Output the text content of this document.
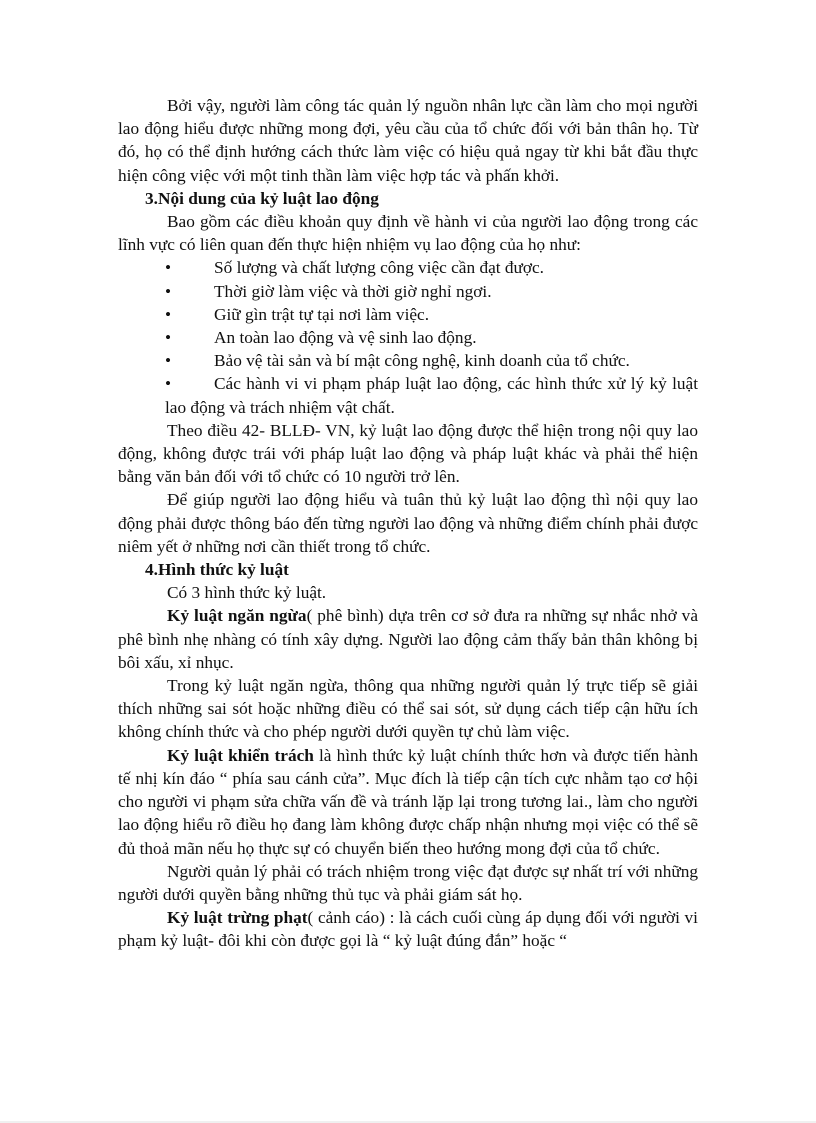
Bởi vậy, người làm công tác quản lý nguồn nhân lực cần làm cho mọi người lao động hiểu được những mong đợi, yêu cầu của tổ chức đối với bản thân họ. Từ đó, họ có thể định hướng cách thức làm việc có hiệu quả ngay từ khi bắt đầu thực hiện công việc với một tinh thần làm việc hợp tác và phấn khởi.

3.Nội dung của kỷ luật lao động

Bao gồm các điều khoản quy định về hành vi của người lao động trong các lĩnh vực có liên quan đến thực hiện nhiệm vụ lao động của họ như:

•	Số lượng và chất lượng công việc cần đạt được.
•	Thời giờ làm việc và thời giờ nghỉ ngơi.
•	Giữ gìn trật tự tại nơi làm việc.
•	An toàn lao động và vệ sinh lao động.
•	Bảo vệ tài sản và bí mật công nghệ, kinh doanh của tổ chức.

• Các hành vi vi phạm pháp luật lao động, các hình thức xử lý kỷ luật lao động và trách nhiệm vật chất.

Theo điều 42- BLLĐ- VN, kỷ luật lao động được thể hiện trong nội quy lao động, không được trái với pháp luật lao động và pháp luật khác và phải thể hiện bằng văn bản đối với tổ chức có 10 người trở lên.

Để giúp người lao động hiểu và tuân thủ kỷ luật lao động thì nội quy lao động phải được thông báo đến từng người lao động và những điểm chính phải được niêm yết ở những nơi cần thiết trong tổ chức.

4.Hình thức kỷ luật

Có 3 hình thức kỷ luật.

Kỷ luật ngăn ngừa( phê bình) dựa trên cơ sở đưa ra những sự nhắc nhở và phê bình nhẹ nhàng có tính xây dựng. Người lao động cảm thấy bản thân không bị bôi xấu, xỉ nhục.

Trong kỷ luật ngăn ngừa, thông qua những người quản lý trực tiếp sẽ giải thích những sai sót hoặc những điều có thể sai sót, sử dụng cách tiếp cận hữu ích không chính thức và cho phép người dưới quyền tự chủ làm việc.

Kỷ luật khiển trách là hình thức kỷ luật chính thức hơn và được tiến hành tế nhị kín đáo “ phía sau cánh cửa”. Mục đích là tiếp cận tích cực nhằm tạo cơ hội cho người vi phạm sửa chữa vấn đề và tránh lặp lại trong tương lai., làm cho người lao động hiểu rõ điều họ đang làm không được chấp nhận nhưng mọi việc có thể sẽ đủ thoả mãn nếu họ thực sự có chuyển biến theo hướng mong đợi của tổ chức.

Người quản lý phải có trách nhiệm trong việc đạt được sự nhất trí với những người dưới quyền bằng những thủ tục và phải giám sát họ.

Kỷ luật trừng phạt( cảnh cáo) : là cách cuối cùng áp dụng đối với người vi phạm kỷ luật- đôi khi còn được gọi là “ kỷ luật đúng đắn” hoặc “
